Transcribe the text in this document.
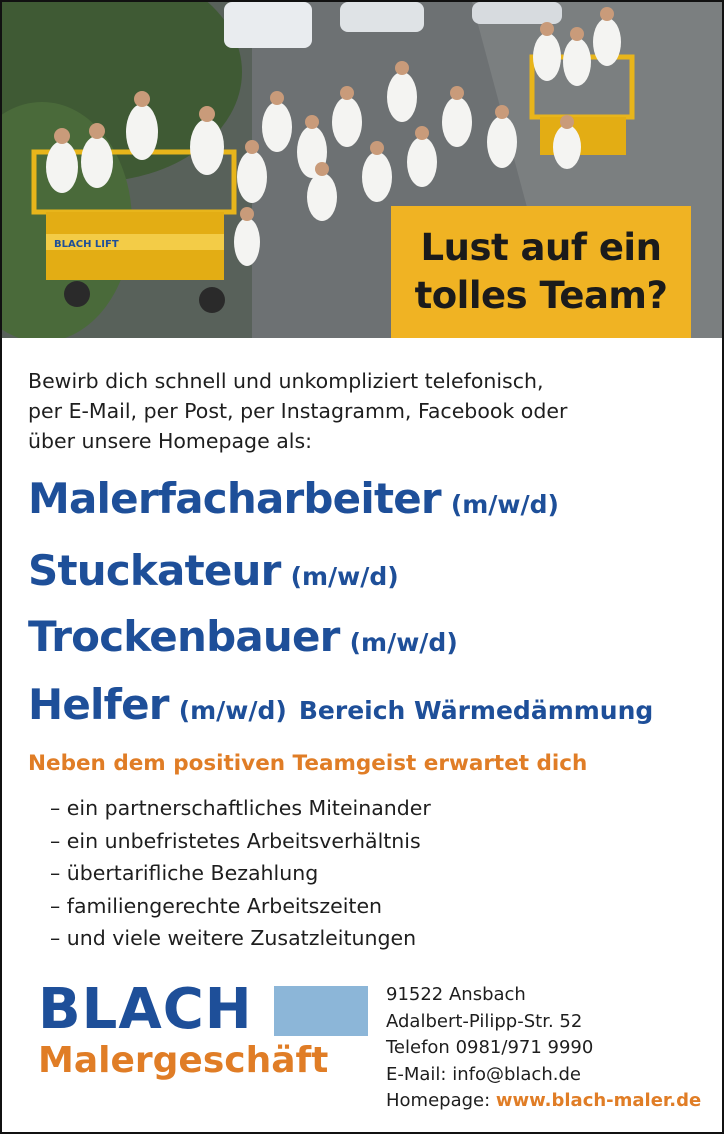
BLACH LIFT	Lust auf ein
tolles Team?
Bewirb dich schnell und unkompliziert telefonisch,
per E-Mail, per Post, per Instagramm, Facebook oder
über unsere Homepage als:
Malerfacharbeiter (m/w/d)
Stuckateur (m/w/d)
Trockenbauer (m/w/d)
Helfer (m/w/d) Bereich Wärmedämmung
Neben dem positiven Teamgeist erwartet dich
– ein partnerschaftliches Miteinander
– ein unbefristetes Arbeitsverhältnis
– übertarifliche Bezahlung
– familiengerechte Arbeitszeiten
– und viele weitere Zusatzleitungen
BLACH
Malergeschäft
91522 Ansbach
Adalbert-Pilipp-Str. 52
Telefon 0981/971 9990
E-Mail: info@blach.de
Homepage: www.blach-maler.de
